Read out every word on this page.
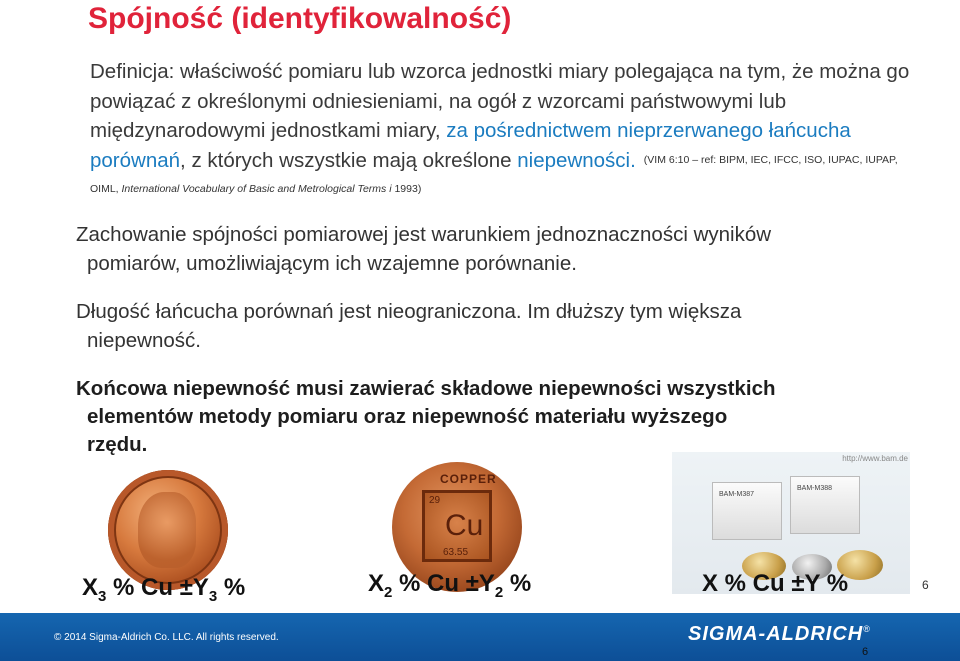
Spójność (identyfikowalność)
Definicja: właściwość pomiaru lub wzorca jednostki miary polegająca na tym, że można go powiązać z określonymi odniesieniami, na ogół z wzorcami państwowymi lub międzynarodowymi jednostkami miary, za pośrednictwem nieprzerwanego łańcucha porównań, z których wszystkie mają określone niepewności. (VIM 6:10 – ref: BIPM, IEC, IFCC, ISO, IUPAC, IUPAP, OIML, International Vocabulary of Basic and Metrological Terms i 1993)
Zachowanie spójności pomiarowej jest warunkiem jednoznaczności wyników
pomiarów, umożliwiającym ich wzajemne porównanie.
Długość łańcucha porównań jest nieograniczona. Im dłuższy tym większa
niepewność.
Końcowa niepewność musi zawierać składowe niepewności wszystkich
elementów metody pomiaru oraz niepewność materiału wyższego
rzędu.
29
Cu
63.55
COPPER
http://www.bam.de
BAM-M387
BAM-M388
$X_3$ % $Cu \pm Y_3$ %	$X_2$ % $Cu \pm Y_2$ %	X % Cu ±Y %	6
© 2014 Sigma-Aldrich Co. LLC. All rights reserved.	SIGMA-ALDRICH®
6
